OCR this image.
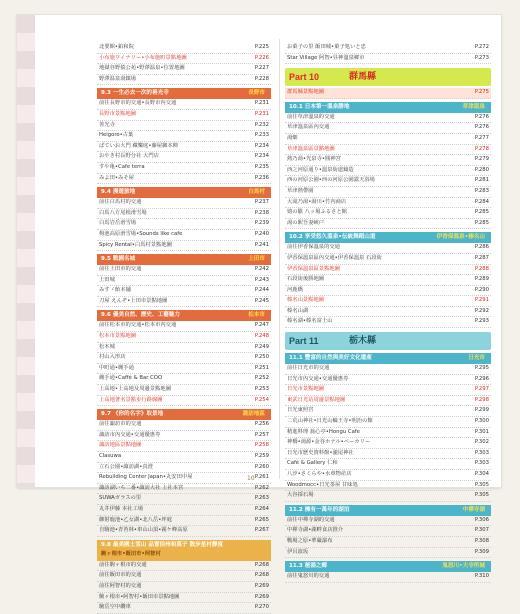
北要館•鉑和院	P.225
小布施ワイナリー•小布施町景點地圖	P.226
地獄谷野猿公苑•野澤温泉•位置地圖	P.227
野澤温泉湯鎮場	P.228
9.3 一生必去一次的善光寺	長野市
前往長野市的交通•長野市內交通	P.231
長野市景點地圖	P.231
善光寺	P.232
Heigoro•古葉	P.233
ぱていお大門 藏樂庭•藤屋御本陣	P.234
おやき村長野分社 大門店	P.234
すや亀•Cafe terra	P.235
みよ田•みそ屋	P.236
9.4 漫遊旅地	白馬村
前往白馬村的交通	P.237
白馬八方尾根滑雪場	P.238
白馬岩岳滑雪場	P.239
栂池高原滑雪場•Sounds like cafe	P.240
Spicy Rental•白馬村景點地圖	P.241
9.5 戰國名城	上田市
前往上田市的交通	P.242
上田城	P.243
みすゞ飴本舗	P.244
刀屋 えんぞ•上田市景點地圖	P.245
9.6 優美自然、歷史、工藝魅力	松本市
前往松本市的交通•松本市內交通	P.247
松本市景點地圖	P.248
松本城	P.249
村山入形店	P.250
中町通•縄手通	P.251
縄手通•Caffé & Bar COO	P.252
上高地•上高地及周邊景點地圖	P.253
上高地著名景點步行路線圖	P.254
9.7 《你的名字》取景地	諏訪地區
前往諏訪市的交通	P.256
諏訪市內交通•交通優惠券	P.257
諏訪地區景點地圖	P.258
Clasuwa	P.259
立石公園•諏訪湖•真澄	P.260
Rebuilding Center Japan•丸安田中屋	P.261
諏訪湖いち二番•諏訪大社 上社本宮	P.262
SUWAガラスの里	P.263
丸井伊藤 本社工場	P.264
御射鹿池•乙女湖•北八岳•坪庭	P.265
自駒池•青苔林•車山山頂•霧ケ峰高原	P.267
9.8 最美國土雪山 品嘗信州和菓子 散步星村靜度
駒ヶ根市•飯田市•阿智村
前往駒ヶ根市的交通	P.268
前往飯田市的交通	P.268
前往阿智村的交通	P.269
駒ヶ根市•阿智村•飯田市景點地圖	P.269
駒岳空中纜車	P.270
お菓子の里 飯田城•菓子処いと忠	P.272
Star Village 阿智•昼神溫泉鄉市	P.273
Part 10	群馬縣
群馬縣景點地圖	P.275
10.1 日本第一溫泉勝地	草津溫泉
前往草津溫泉的交通	P.276
草津溫泉區內交通	P.276
湯畑	P.277
草津溫泉區景點地圖	P.278
熱乃湯•光泉寺•圓神宮	P.279
西之河原通り•溫泉街道鑄造	P.280
西の河原公園•西の河原公園露天浴場	P.281
草津熱帶園	P.283
大滝乃湯•湯川•竹內商店	P.284
嬉の騏 八ッ場ふるさと館	P.285
湯の駅吾妻峽戸	P.285
10.2 享受悠久溫泉•伝統舞蹈山道	伊香保溫泉•榛名山
前往伊香保溫泉的交通	P.286
伊香保溫泉區內交通•伊香保溫泉 石段街	P.287
伊香保溫泉區景點地圖	P.288
石段街後勝地圖	P.289
河鹿橋	P.290
榛名山景點地圖	P.291
榛名山湖	P.292
榛名湖•榛名富士山	P.293
Part 11	栃木縣
11.1 豐富的自然與美好文化遺產	日光市
前往日光市的交通	P.295
日光市內交通•交通優惠券	P.296
日光市景點地圖	P.297
東武日光站周邊景點地圖	P.298
日光東照宮	P.299
二荒山神社•日光山輪王寺•明治の館	P.300
精進料理 蕎心亭•Hongu Cafe	P.301
神橋•湯源•金谷ホテル•ベーカリー	P.302
日光市歷史資料館•瀧尾神社	P.303
Café & Gallery 仁和	P.303
八汐•さくらや•水車物産店	P.304
Woodmocc•日光茶屋 甘味処	P.305
大谷採石場	P.305
11.2 擁有一萬年的湖泊	中禪寺湖
前往中禪寺湖的交通	P.306
中禪寺湖•湖畔食店推介	P.307
戰場之原•華嚴瀑布	P.308
伊呂波坂	P.309
11.3 秘湯之鄉	鬼怒川•大寺所城
前往鬼怒川的交通	P.310
10
